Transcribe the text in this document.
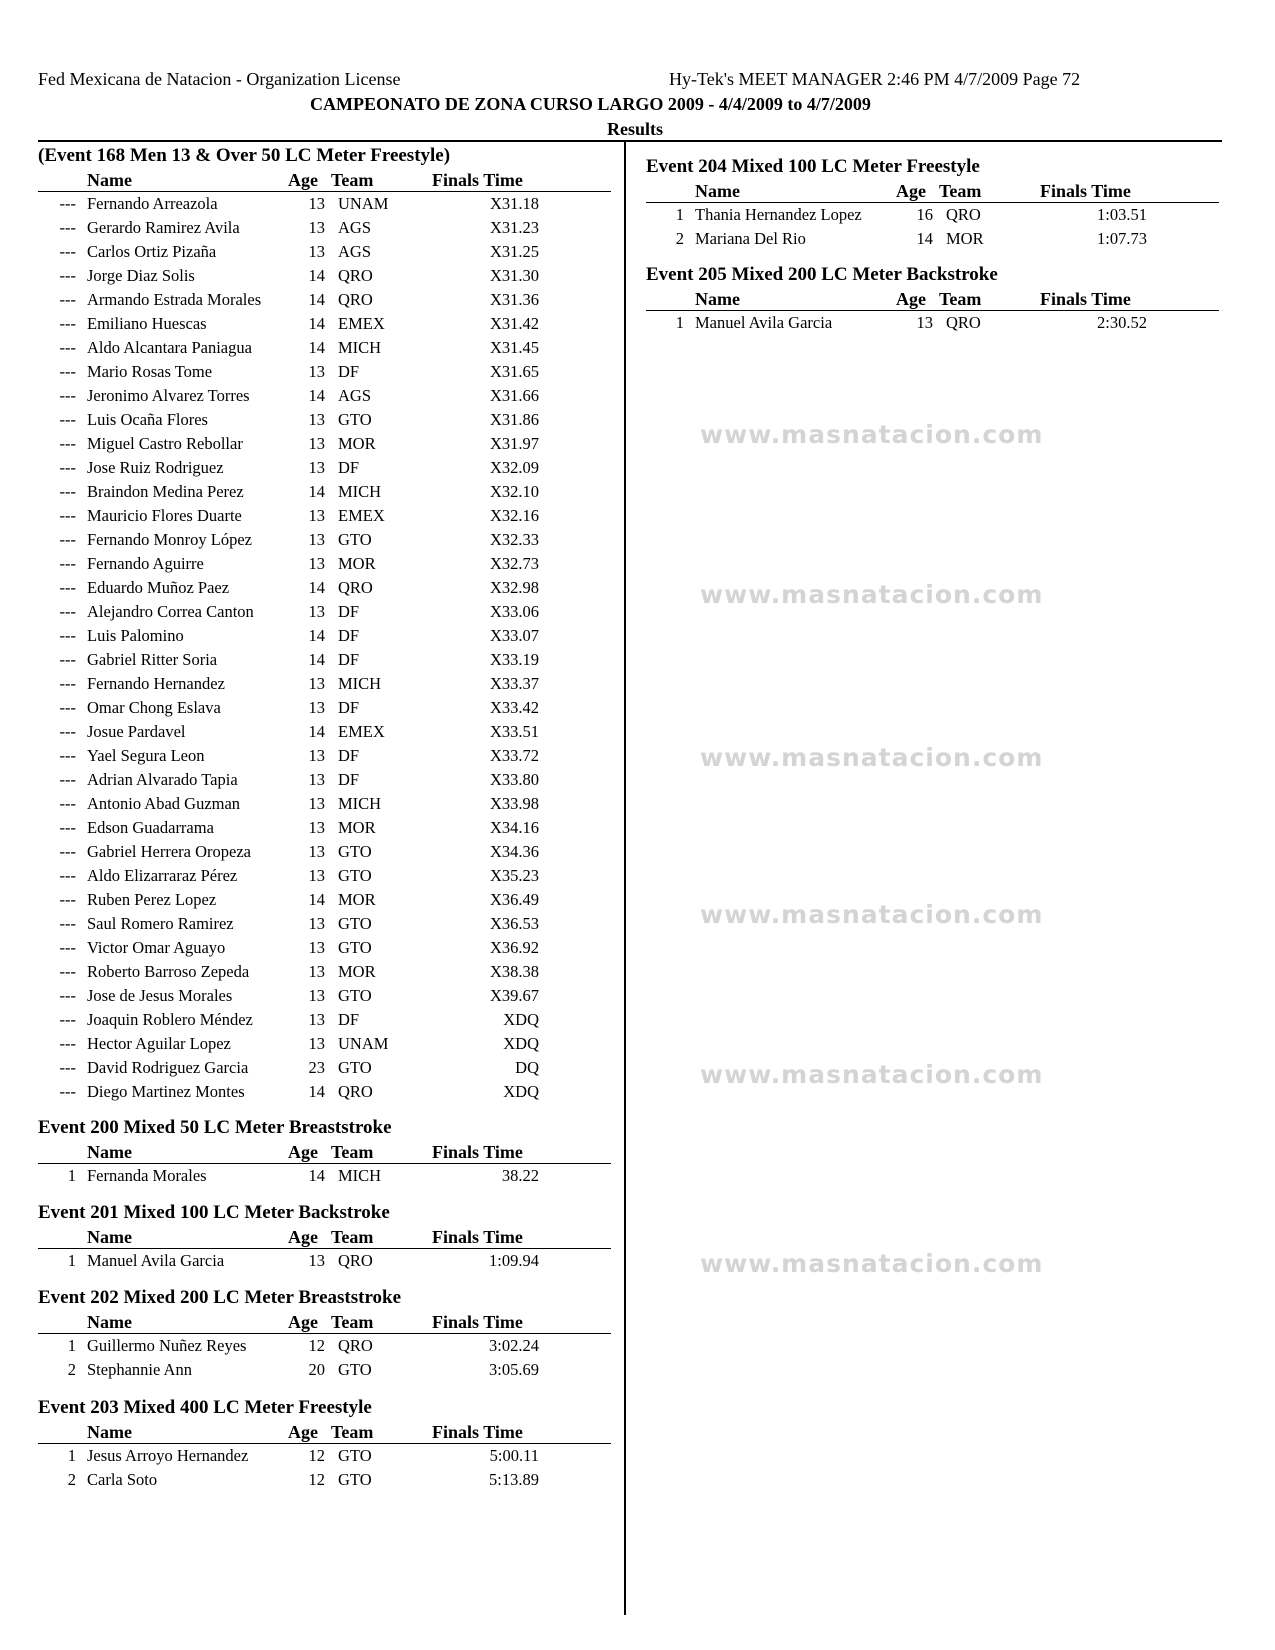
Fed Mexicana de Natacion - Organization License	Hy-Tek's MEET MANAGER 2:46 PM 4/7/2009 Page 72
CAMPEONATO DE ZONA CURSO LARGO 2009 - 4/4/2009 to 4/7/2009
Results
www.masnatacion.com
www.masnatacion.com
www.masnatacion.com
www.masnatacion.com
www.masnatacion.com
www.masnatacion.com
(Event 168 Men 13 & Over 50 LC Meter Freestyle)
Name	Age Team	Finals Time
--- Fernando Arreazola	13 UNAM	X31.18
--- Gerardo Ramirez Avila	13 AGS	X31.23
--- Carlos Ortiz Pizaña	13 AGS	X31.25
--- Jorge Diaz Solis	14 QRO	X31.30
--- Armando Estrada Morales	14 QRO	X31.36
--- Emiliano Huescas	14 EMEX	X31.42
--- Aldo Alcantara Paniagua	14 MICH	X31.45
--- Mario Rosas Tome	13 DF	X31.65
--- Jeronimo Alvarez Torres	14 AGS	X31.66
--- Luis Ocaña Flores	13 GTO	X31.86
--- Miguel Castro Rebollar	13 MOR	X31.97
--- Jose Ruiz Rodriguez	13 DF	X32.09
--- Braindon Medina Perez	14 MICH	X32.10
--- Mauricio Flores Duarte	13 EMEX	X32.16
--- Fernando Monroy López	13 GTO	X32.33
--- Fernando Aguirre	13 MOR	X32.73
--- Eduardo Muñoz Paez	14 QRO	X32.98
--- Alejandro Correa Canton	13 DF	X33.06
--- Luis Palomino	14 DF	X33.07
--- Gabriel Ritter Soria	14 DF	X33.19
--- Fernando Hernandez	13 MICH	X33.37
--- Omar Chong Eslava	13 DF	X33.42
--- Josue Pardavel	14 EMEX	X33.51
--- Yael Segura Leon	13 DF	X33.72
--- Adrian Alvarado Tapia	13 DF	X33.80
--- Antonio Abad Guzman	13 MICH	X33.98
--- Edson Guadarrama	13 MOR	X34.16
--- Gabriel Herrera Oropeza	13 GTO	X34.36
--- Aldo Elizarraraz Pérez	13 GTO	X35.23
--- Ruben Perez Lopez	14 MOR	X36.49
--- Saul Romero Ramirez	13 GTO	X36.53
--- Victor Omar Aguayo	13 GTO	X36.92
--- Roberto Barroso Zepeda	13 MOR	X38.38
--- Jose de Jesus Morales	13 GTO	X39.67
--- Joaquin Roblero Méndez	13 DF	XDQ
--- Hector Aguilar Lopez	13 UNAM	XDQ
--- David Rodriguez Garcia	23 GTO	DQ
--- Diego Martinez Montes	14 QRO	XDQ
Event 200 Mixed 50 LC Meter Breaststroke
Name	Age Team	Finals Time
1 Fernanda Morales	14 MICH	38.22
Event 201 Mixed 100 LC Meter Backstroke
Name	Age Team	Finals Time
1 Manuel Avila Garcia	13 QRO	1:09.94
Event 202 Mixed 200 LC Meter Breaststroke
Name	Age Team	Finals Time
1 Guillermo Nuñez Reyes	12 QRO	3:02.24
2 Stephannie Ann	20 GTO	3:05.69
Event 203 Mixed 400 LC Meter Freestyle
Name	Age Team	Finals Time
1 Jesus Arroyo Hernandez	12 GTO	5:00.11
2 Carla Soto	12 GTO	5:13.89
Event 204 Mixed 100 LC Meter Freestyle
Name	Age Team	Finals Time
1 Thania Hernandez Lopez	16 QRO	1:03.51
2 Mariana Del Rio	14 MOR	1:07.73
Event 205 Mixed 200 LC Meter Backstroke
Name	Age Team	Finals Time
1 Manuel Avila Garcia	13 QRO	2:30.52
